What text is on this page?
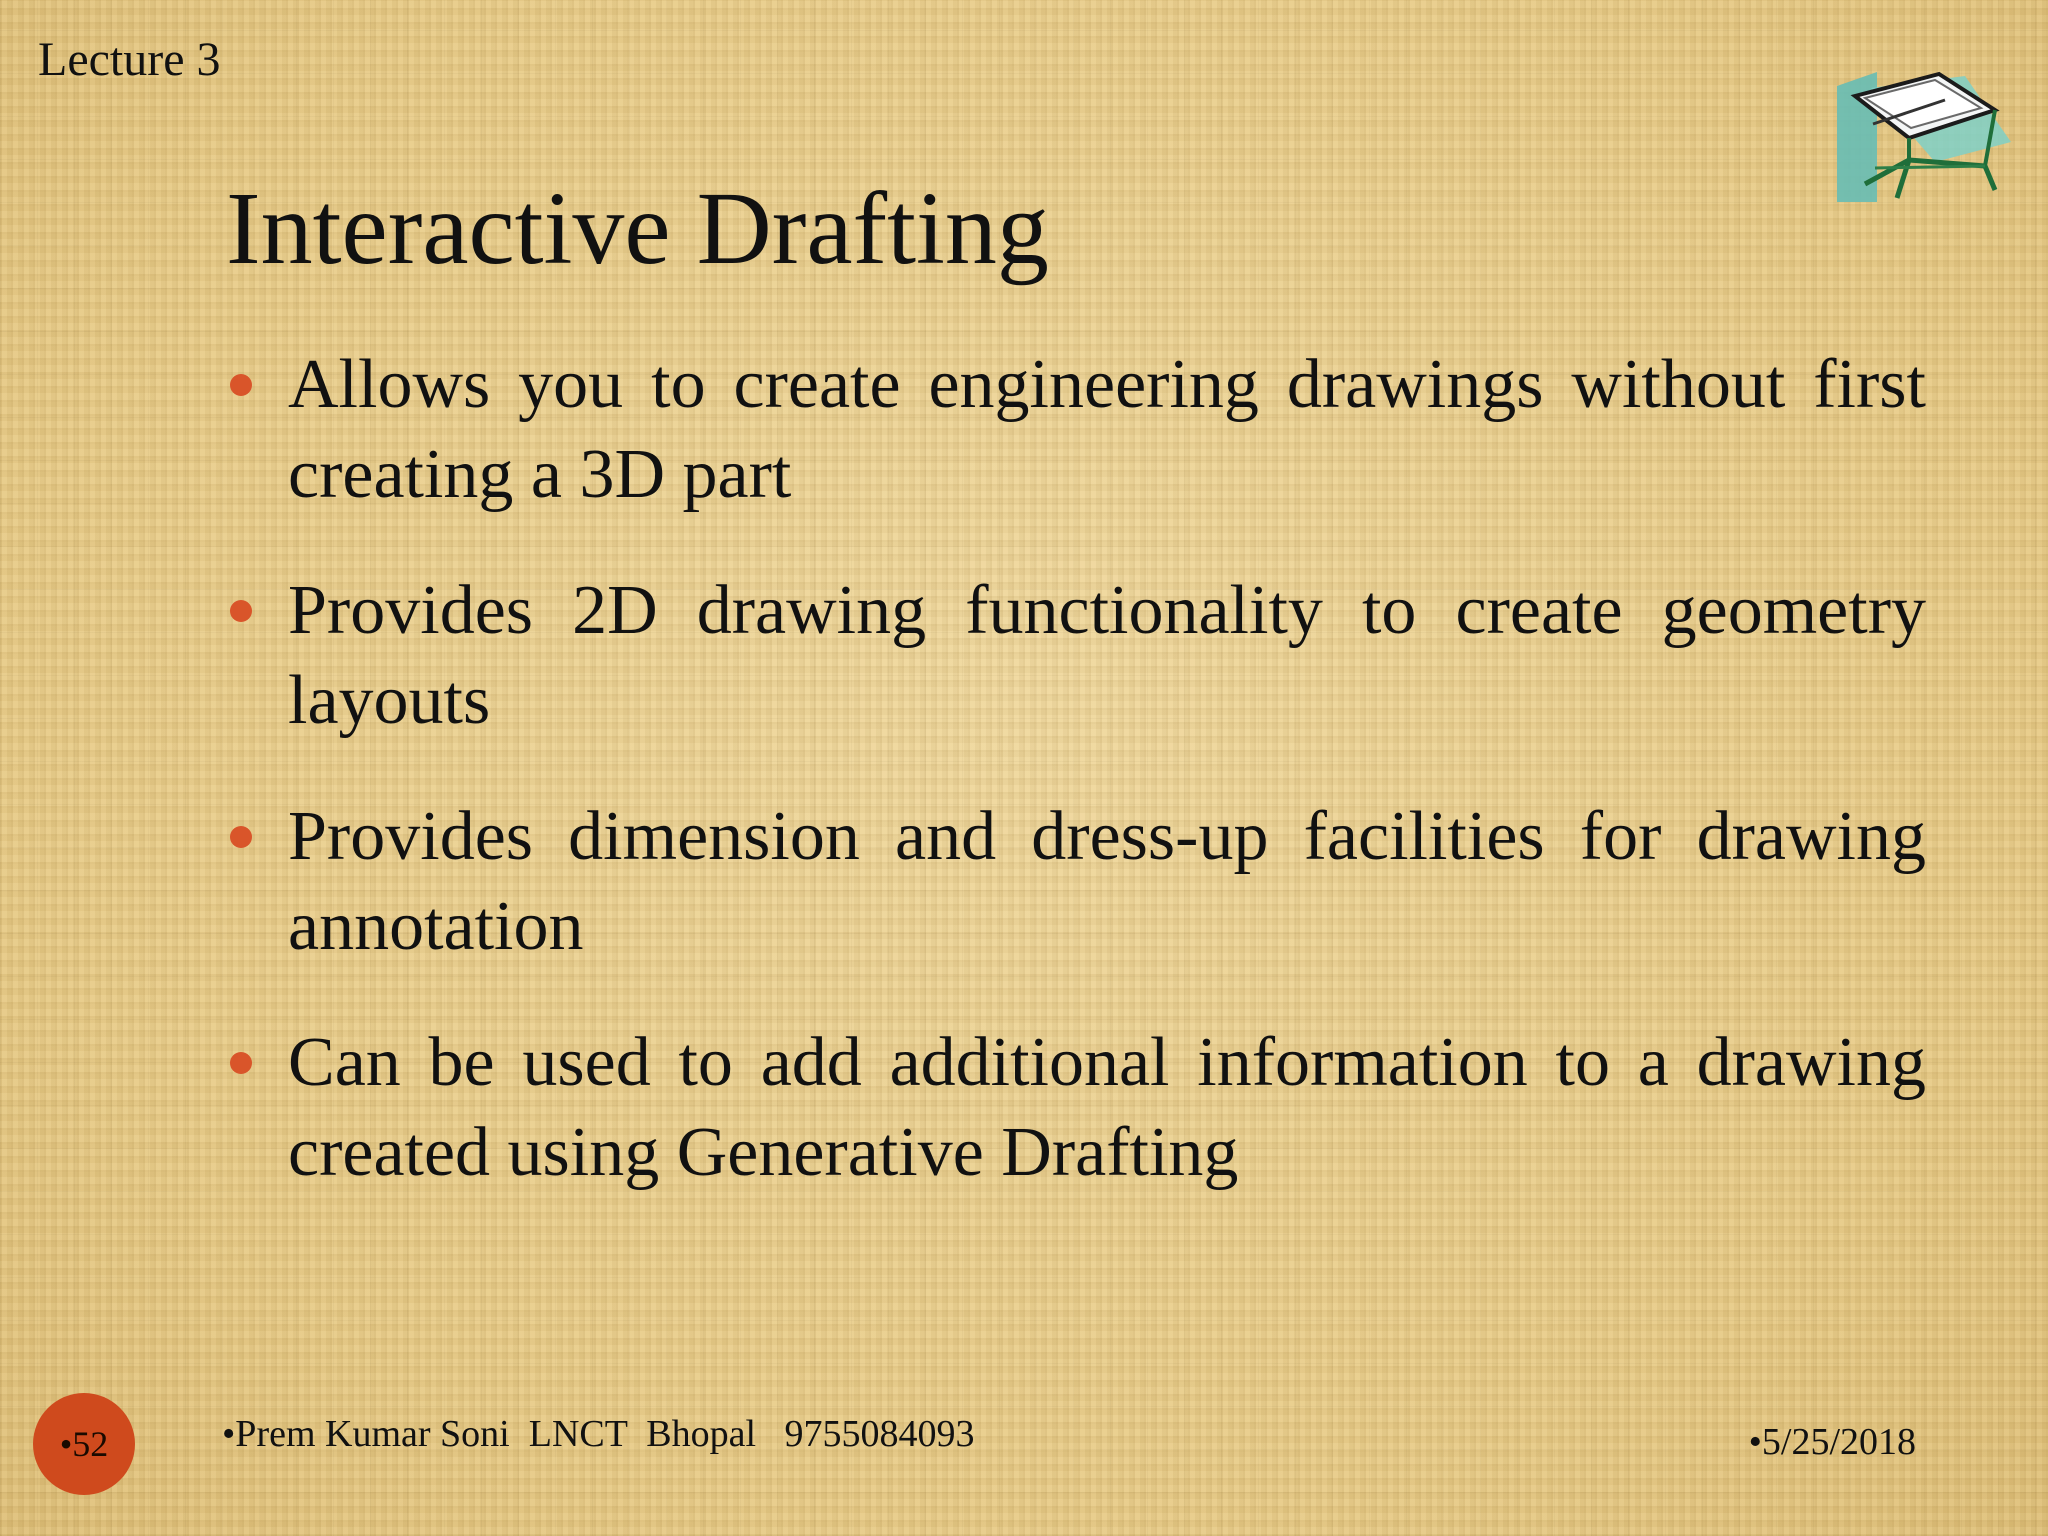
Lecture 3
Interactive Drafting
Allows you to create engineering drawings without first creating a 3D part
Provides 2D drawing functionality to create geometry layouts
Provides dimension and dress-up facilities for drawing annotation
Can be used to add additional information to a drawing created using Generative Drafting
•52	•Prem Kumar Soni  LNCT  Bhopal   9755084093	•5/25/2018
